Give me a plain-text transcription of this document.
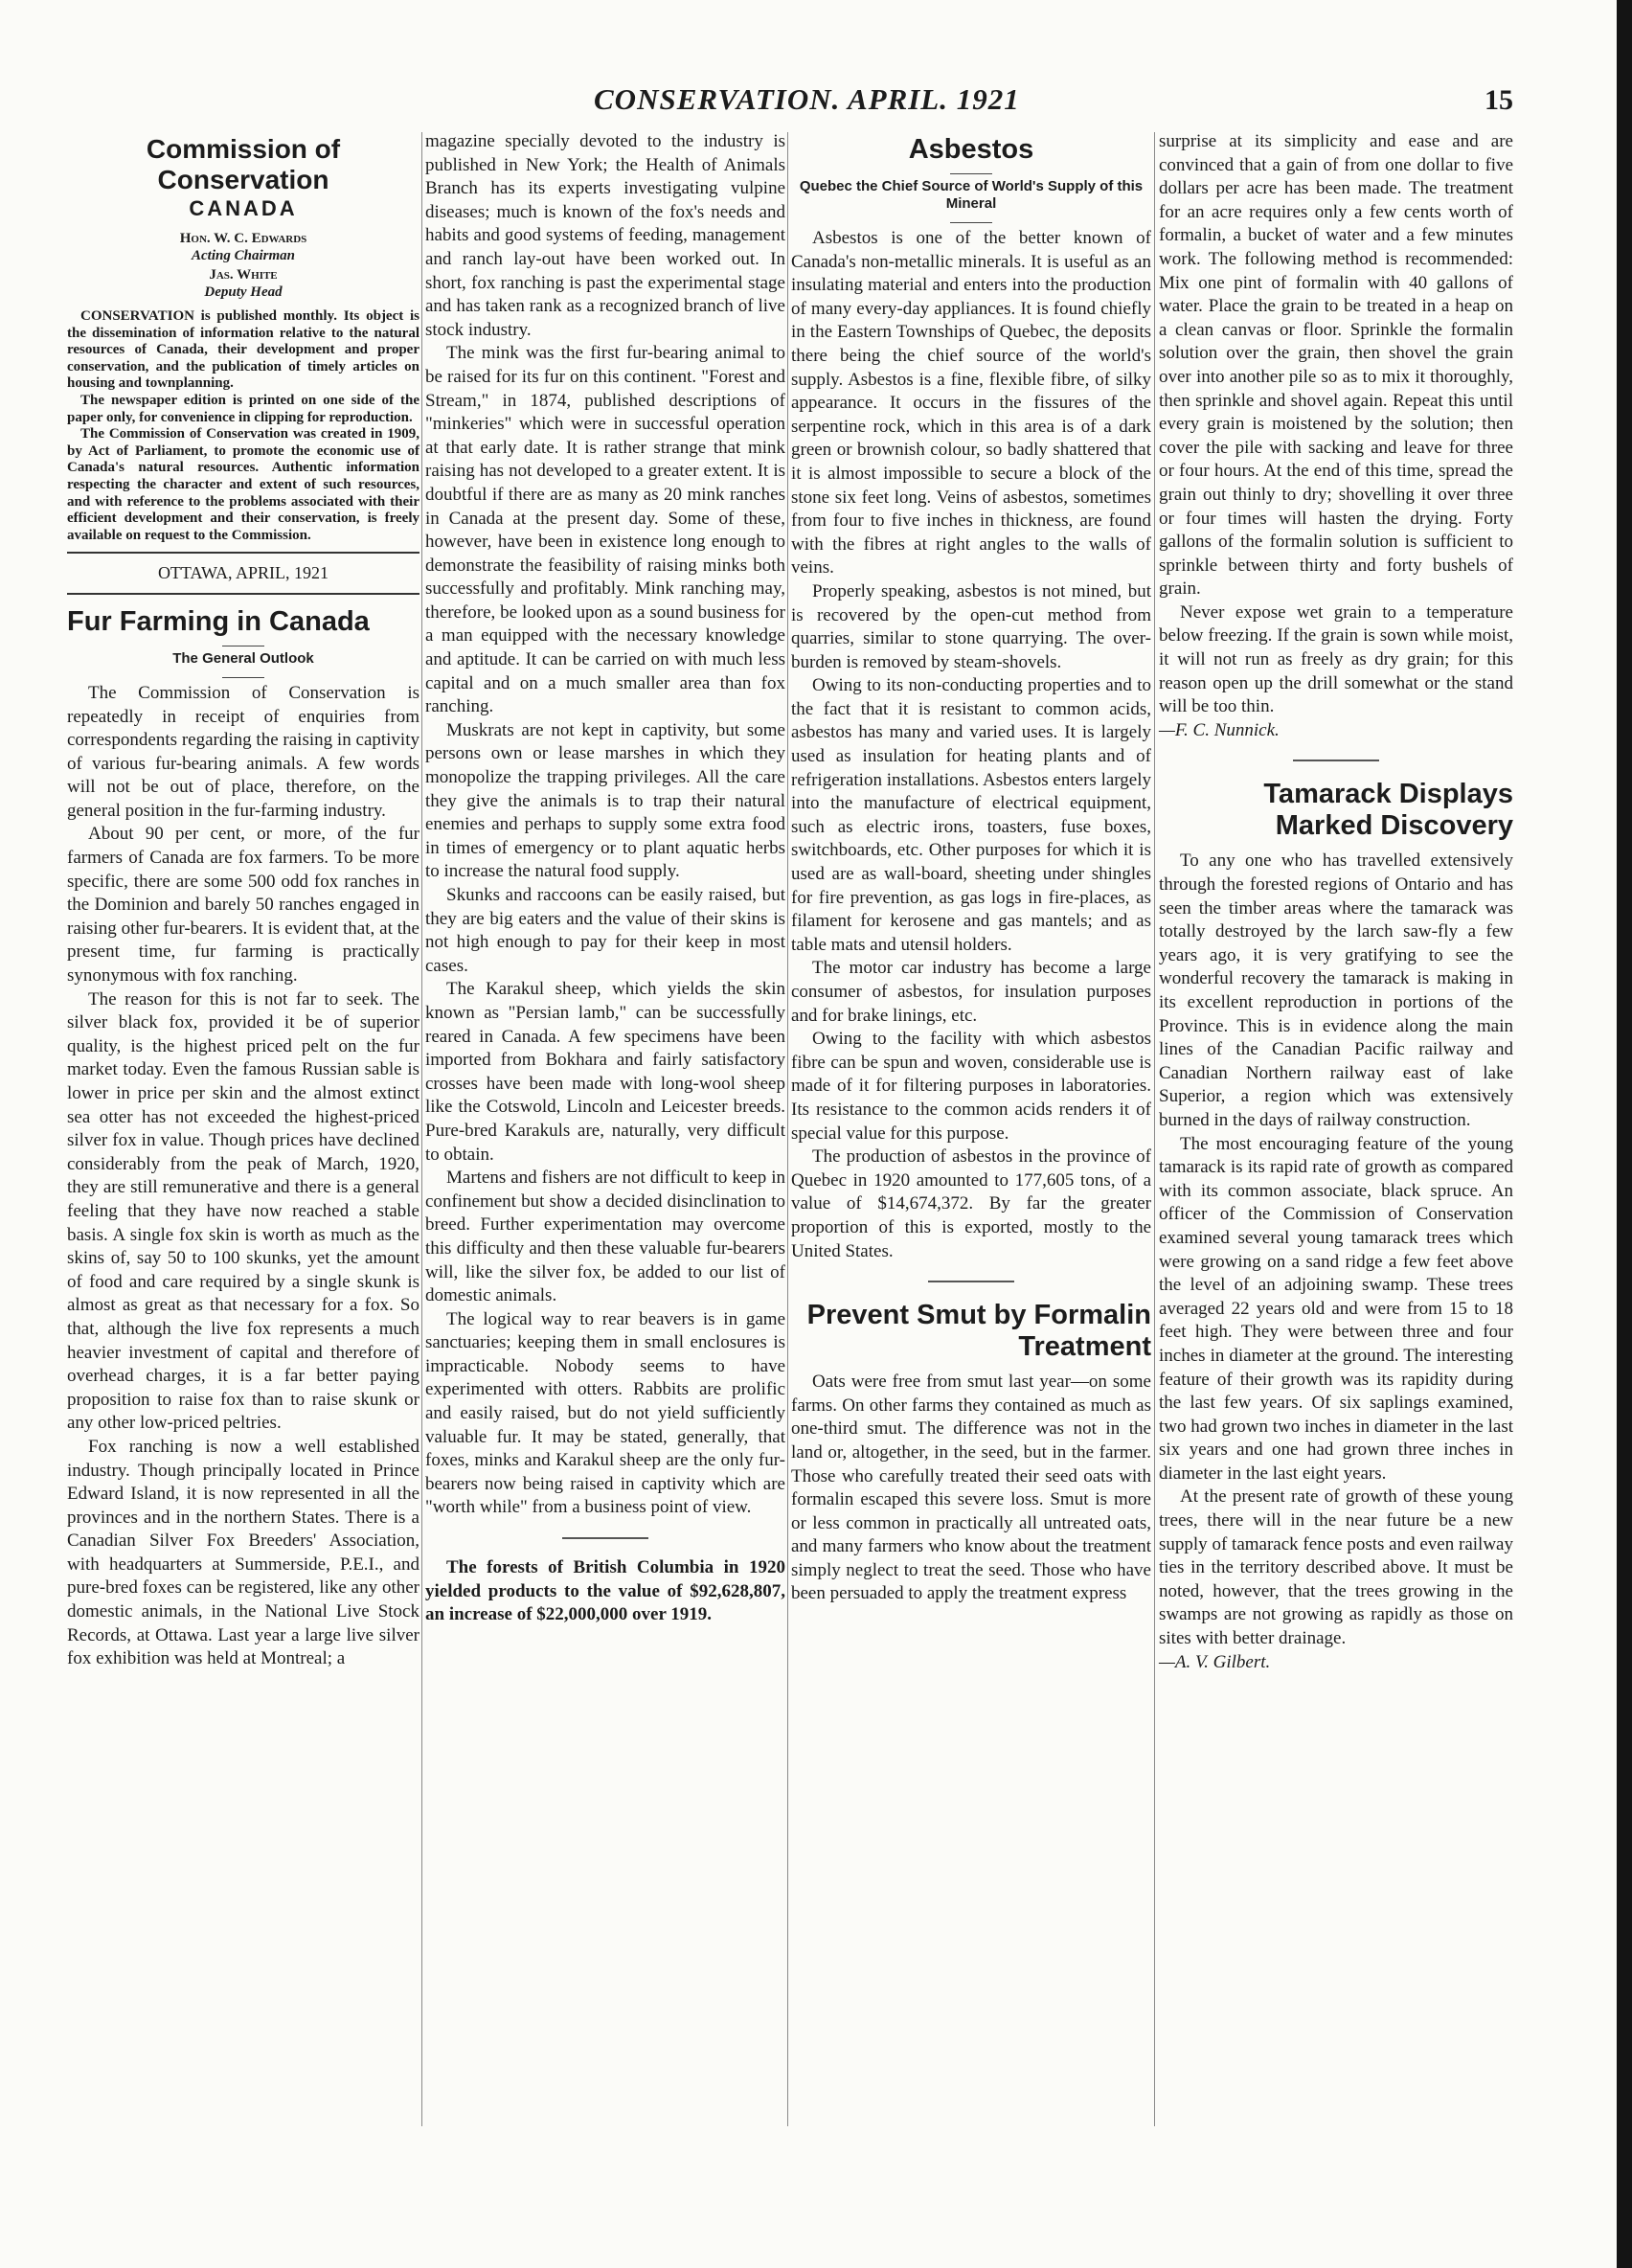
CONSERVATION. APRIL. 1921	15
Commission of Conservation
CANADA
Hon. W. C. Edwards
Acting Chairman
Jas. White
Deputy Head

CONSERVATION is published monthly. Its object is the dissemination of information relative to the natural resources of Canada, their development and proper conservation, and the publication of timely articles on housing and townplanning.

The newspaper edition is printed on one side of the paper only, for convenience in clipping for reproduction.

The Commission of Conservation was created in 1909, by Act of Parliament, to promote the economic use of Canada's natural resources. Authentic information respecting the character and extent of such resources, and with reference to the problems associated with their efficient development and their conservation, is freely available on request to the Commission.

OTTAWA, APRIL, 1921
Fur Farming in Canada
The General Outlook

The Commission of Conservation is repeatedly in receipt of enquiries from correspondents regarding the raising in captivity of various fur-bearing animals. A few words will not be out of place, therefore, on the general position in the fur-farming industry.

About 90 per cent, or more, of the fur farmers of Canada are fox farmers. To be more specific, there are some 500 odd fox ranches in the Dominion and barely 50 ranches engaged in raising other fur-bearers. It is evident that, at the present time, fur farming is practically synonymous with fox ranching.

The reason for this is not far to seek. The silver black fox, provided it be of superior quality, is the highest priced pelt on the fur market today. Even the famous Russian sable is lower in price per skin and the almost extinct sea otter has not exceeded the highest-priced silver fox in value. Though prices have declined considerably from the peak of March, 1920, they are still remunerative and there is a general feeling that they have now reached a stable basis. A single fox skin is worth as much as the skins of, say 50 to 100 skunks, yet the amount of food and care required by a single skunk is almost as great as that necessary for a fox. So that, although the live fox represents a much heavier investment of capital and therefore of overhead charges, it is a far better paying proposition to raise fox than to raise skunk or any other low-priced peltries.

Fox ranching is now a well established industry. Though principally located in Prince Edward Island, it is now represented in all the provinces and in the northern States. There is a Canadian Silver Fox Breeders' Association, with headquarters at Summerside, P.E.I., and pure-bred foxes can be registered, like any other domestic animals, in the National Live Stock Records, at Ottawa. Last year a large live silver fox exhibition was held at Montreal; a

magazine specially devoted to the industry is published in New York; the Health of Animals Branch has its experts investigating vulpine diseases; much is known of the fox's needs and habits and good systems of feeding, management and ranch lay-out have been worked out. In short, fox ranching is past the experimental stage and has taken rank as a recognized branch of live stock industry.

The mink was the first fur-bearing animal to be raised for its fur on this continent. "Forest and Stream," in 1874, published descriptions of "minkeries" which were in successful operation at that early date. It is rather strange that mink raising has not developed to a greater extent. It is doubtful if there are as many as 20 mink ranches in Canada at the present day. Some of these, however, have been in existence long enough to demonstrate the feasibility of raising minks both successfully and profitably. Mink ranching may, therefore, be looked upon as a sound business for a man equipped with the necessary knowledge and aptitude. It can be carried on with much less capital and on a much smaller area than fox ranching.

Muskrats are not kept in captivity, but some persons own or lease marshes in which they monopolize the trapping privileges. All the care they give the animals is to trap their natural enemies and perhaps to supply some extra food in times of emergency or to plant aquatic herbs to increase the natural food supply.

Skunks and raccoons can be easily raised, but they are big eaters and the value of their skins is not high enough to pay for their keep in most cases.

The Karakul sheep, which yields the skin known as "Persian lamb," can be successfully reared in Canada. A few specimens have been imported from Bokhara and fairly satisfactory crosses have been made with long-wool sheep like the Cotswold, Lincoln and Leicester breeds. Pure-bred Karakuls are, naturally, very difficult to obtain.

Martens and fishers are not difficult to keep in confinement but show a decided disinclination to breed. Further experimentation may overcome this difficulty and then these valuable fur-bearers will, like the silver fox, be added to our list of domestic animals.

The logical way to rear beavers is in game sanctuaries; keeping them in small enclosures is impracticable. Nobody seems to have experimented with otters. Rabbits are prolific and easily raised, but do not yield sufficiently valuable fur. It may be stated, generally, that foxes, minks and Karakul sheep are the only fur-bearers now being raised in captivity which are "worth while" from a business point of view.

The forests of British Columbia in 1920 yielded products to the value of $92,628,807, an increase of $22,000,000 over 1919.

Asbestos
Quebec the Chief Source of World's Supply of this Mineral

Asbestos is one of the better known of Canada's non-metallic minerals. It is useful as an insulating material and enters into the production of many every-day appliances. It is found chiefly in the Eastern Townships of Quebec, the deposits there being the chief source of the world's supply. Asbestos is a fine, flexible fibre, of silky appearance. It occurs in the fissures of the serpentine rock, which in this area is of a dark green or brownish colour, so badly shattered that it is almost impossible to secure a block of the stone six feet long. Veins of asbestos, sometimes from four to five inches in thickness, are found with the fibres at right angles to the walls of veins.

Properly speaking, asbestos is not mined, but is recovered by the open-cut method from quarries, similar to stone quarrying. The over-burden is removed by steam-shovels.

Owing to its non-conducting properties and to the fact that it is resistant to common acids, asbestos has many and varied uses. It is largely used as insulation for heating plants and of refrigeration installations. Asbestos enters largely into the manufacture of electrical equipment, such as electric irons, toasters, fuse boxes, switchboards, etc. Other purposes for which it is used are as wall-board, sheeting under shingles for fire prevention, as gas logs in fire-places, as filament for kerosene and gas mantels; and as table mats and utensil holders.

The motor car industry has become a large consumer of asbestos, for insulation purposes and for brake linings, etc.

Owing to the facility with which asbestos fibre can be spun and woven, considerable use is made of it for filtering purposes in laboratories. Its resistance to the common acids renders it of special value for this purpose.

The production of asbestos in the province of Quebec in 1920 amounted to 177,605 tons, of a value of $14,674,372. By far the greater proportion of this is exported, mostly to the United States.

Prevent Smut by Formalin Treatment

Oats were free from smut last year—on some farms. On other farms they contained as much as one-third smut. The difference was not in the land or, altogether, in the seed, but in the farmer. Those who carefully treated their seed oats with formalin escaped this severe loss. Smut is more or less common in practically all untreated oats, and many farmers who know about the treatment simply neglect to treat the seed. Those who have been persuaded to apply the treatment express

surprise at its simplicity and ease and are convinced that a gain of from one dollar to five dollars per acre has been made. The treatment for an acre requires only a few cents worth of formalin, a bucket of water and a few minutes work. The following method is recommended: Mix one pint of formalin with 40 gallons of water. Place the grain to be treated in a heap on a clean canvas or floor. Sprinkle the formalin solution over the grain, then shovel the grain over into another pile so as to mix it thoroughly, then sprinkle and shovel again. Repeat this until every grain is moistened by the solution; then cover the pile with sacking and leave for three or four hours. At the end of this time, spread the grain out thinly to dry; shovelling it over three or four times will hasten the drying. Forty gallons of the formalin solution is sufficient to sprinkle between thirty and forty bushels of grain.

Never expose wet grain to a temperature below freezing. If the grain is sown while moist, it will not run as freely as dry grain; for this reason open up the drill somewhat or the stand will be too thin.

—F. C. Nunnick.

Tamarack Displays Marked Discovery

To any one who has travelled extensively through the forested regions of Ontario and has seen the timber areas where the tamarack was totally destroyed by the larch saw-fly a few years ago, it is very gratifying to see the wonderful recovery the tamarack is making in its excellent reproduction in portions of the Province. This is in evidence along the main lines of the Canadian Pacific railway and Canadian Northern railway east of lake Superior, a region which was extensively burned in the days of railway construction.

The most encouraging feature of the young tamarack is its rapid rate of growth as compared with its common associate, black spruce. An officer of the Commission of Conservation examined several young tamarack trees which were growing on a sand ridge a few feet above the level of an adjoining swamp. These trees averaged 22 years old and were from 15 to 18 feet high. They were between three and four inches in diameter at the ground. The interesting feature of their growth was its rapidity during the last few years. Of six saplings examined, two had grown two inches in diameter in the last six years and one had grown three inches in diameter in the last eight years.

At the present rate of growth of these young trees, there will in the near future be a new supply of tamarack fence posts and even railway ties in the territory described above. It must be noted, however, that the trees growing in the swamps are not growing as rapidly as those on sites with better drainage.

—A. V. Gilbert.
